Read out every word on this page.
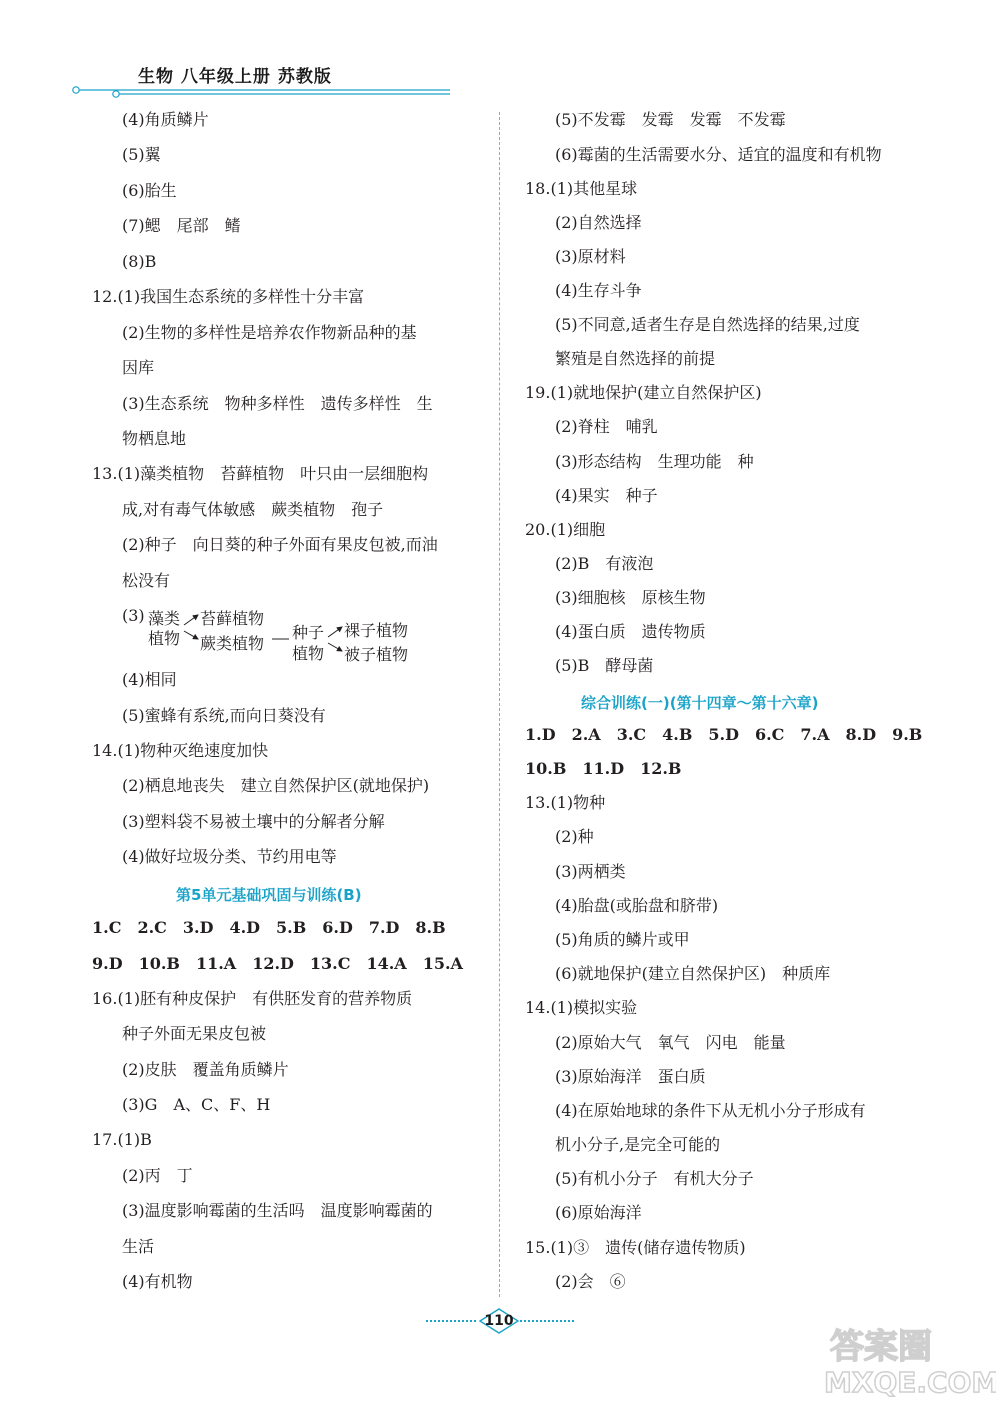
生物 八年级上册 苏教版
(4)角质鳞片
(5)翼
(6)胎生
(7)鳃　尾部　鳍
(8)B
12.(1)我国生态系统的多样性十分丰富
(2)生物的多样性是培养农作物新品种的基
因库
(3)生态系统　物种多样性　遗传多样性　生
物栖息地
13.(1)藻类植物　苔藓植物　叶只由一层细胞构
成,对有毒气体敏感　蕨类植物　孢子
(2)种子　向日葵的种子外面有果皮包被,而油
松没有
(3) 藻类
植物
苔藓植物
蕨类植物
种子
植物
裸子植物
被子植物
(4)相同
(5)蜜蜂有系统,而向日葵没有
14.(1)物种灭绝速度加快
(2)栖息地丧失　建立自然保护区(就地保护)
(3)塑料袋不易被土壤中的分解者分解
(4)做好垃圾分类、节约用电等
第5单元基础巩固与训练(B)
1.C　2.C　3.D　4.D　5.B　6.D　7.D　8.B
9.D　10.B　11.A　12.D　13.C　14.A　15.A
16.(1)胚有种皮保护　有供胚发育的营养物质
种子外面无果皮包被
(2)皮肤　覆盖角质鳞片
(3)G　A、C、F、H
17.(1)B
(2)丙　丁
(3)温度影响霉菌的生活吗　温度影响霉菌的
生活
(4)有机物
(5)不发霉　发霉　发霉　不发霉
(6)霉菌的生活需要水分、适宜的温度和有机物
18.(1)其他星球
(2)自然选择
(3)原材料
(4)生存斗争
(5)不同意,适者生存是自然选择的结果,过度
繁殖是自然选择的前提
19.(1)就地保护(建立自然保护区)
(2)脊柱　哺乳
(3)形态结构　生理功能　种
(4)果实　种子
20.(1)细胞
(2)B　有液泡
(3)细胞核　原核生物
(4)蛋白质　遗传物质
(5)B　酵母菌
综合训练(一)(第十四章～第十六章)
1.D　2.A　3.C　4.B　5.D　6.C　7.A　8.D　9.B
10.B　11.D　12.B
13.(1)物种
(2)种
(3)两栖类
(4)胎盘(或胎盘和脐带)
(5)角质的鳞片或甲
(6)就地保护(建立自然保护区)　种质库
14.(1)模拟实验
(2)原始大气　氧气　闪电　能量
(3)原始海洋　蛋白质
(4)在原始地球的条件下从无机小分子形成有
机小分子,是完全可能的
(5)有机小分子　有机大分子
(6)原始海洋
15.(1)③　遗传(储存遗传物质)
(2)会　⑥
110
答案圈
MXQE.COM
